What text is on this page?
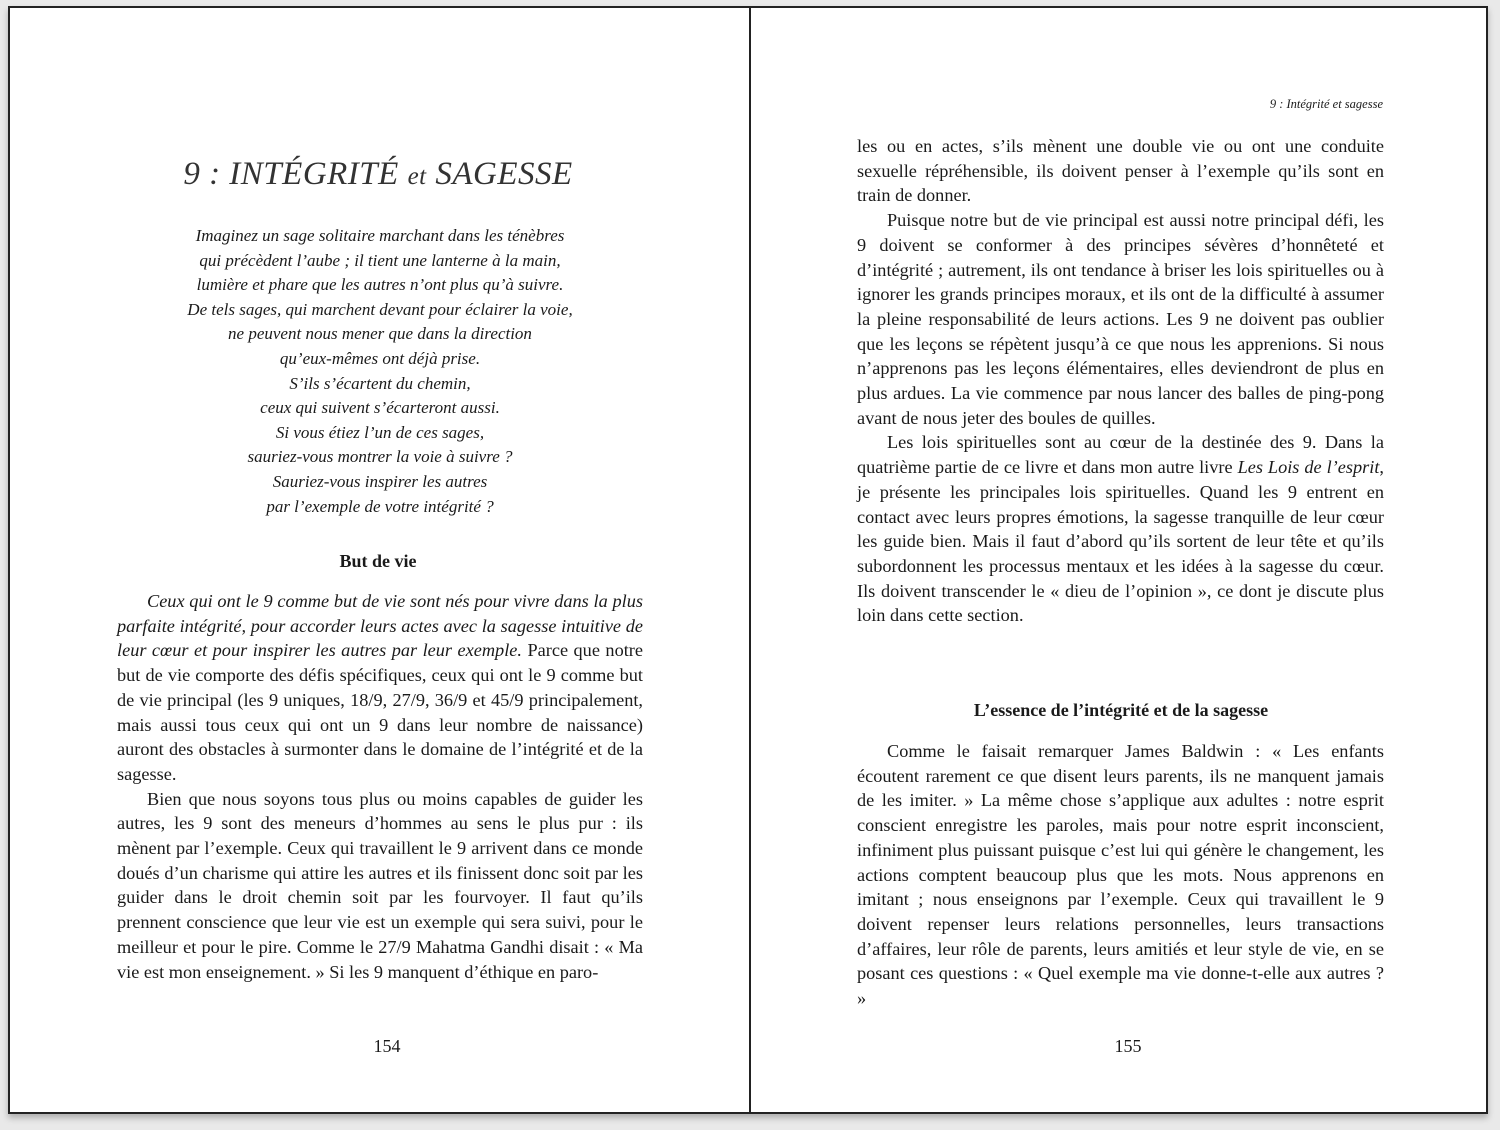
9 : INTÉGRITÉ et SAGESSE
Imaginez un sage solitaire marchant dans les ténèbres
qui précèdent l’aube ; il tient une lanterne à la main,
lumière et phare que les autres n’ont plus qu’à suivre.
De tels sages, qui marchent devant pour éclairer la voie,
ne peuvent nous mener que dans la direction
qu’eux-mêmes ont déjà prise.
S’ils s’écartent du chemin,
ceux qui suivent s’écarteront aussi.
Si vous étiez l’un de ces sages,
sauriez-vous montrer la voie à suivre ?
Sauriez-vous inspirer les autres
par l’exemple de votre intégrité ?
But de vie

Ceux qui ont le 9 comme but de vie sont nés pour vivre dans la plus parfaite intégrité, pour accorder leurs actes avec la sagesse intuitive de leur cœur et pour inspirer les autres par leur exemple. Parce que notre but de vie comporte des défis spécifiques, ceux qui ont le 9 comme but de vie principal (les 9 uniques, 18/9, 27/9, 36/9 et 45/9 principalement, mais aussi tous ceux qui ont un 9 dans leur nombre de naissance) auront des obstacles à surmonter dans le domaine de l’intégrité et de la sagesse.

Bien que nous soyons tous plus ou moins capables de guider les autres, les 9 sont des meneurs d’hommes au sens le plus pur : ils mènent par l’exemple. Ceux qui travaillent le 9 arrivent dans ce monde doués d’un charisme qui attire les autres et ils finissent donc soit par les guider dans le droit chemin soit par les fourvoyer. Il faut qu’ils prennent conscience que leur vie est un exemple qui sera suivi, pour le meilleur et pour le pire. Comme le 27/9 Mahatma Gandhi disait : « Ma vie est mon enseignement. » Si les 9 manquent d’éthique en paro-

154
9 : Intégrité et sagesse

les ou en actes, s’ils mènent une double vie ou ont une conduite sexuelle répréhensible, ils doivent penser à l’exemple qu’ils sont en train de donner.

Puisque notre but de vie principal est aussi notre principal défi, les 9 doivent se conformer à des principes sévères d’honnêteté et d’intégrité ; autrement, ils ont tendance à briser les lois spirituelles ou à ignorer les grands principes moraux, et ils ont de la difficulté à assumer la pleine responsabilité de leurs actions. Les 9 ne doivent pas oublier que les leçons se répètent jusqu’à ce que nous les apprenions. Si nous n’apprenons pas les leçons élémentaires, elles deviendront de plus en plus ardues. La vie commence par nous lancer des balles de ping-pong avant de nous jeter des boules de quilles.

Les lois spirituelles sont au cœur de la destinée des 9. Dans la quatrième partie de ce livre et dans mon autre livre Les Lois de l’esprit, je présente les principales lois spirituelles. Quand les 9 entrent en contact avec leurs propres émotions, la sagesse tranquille de leur cœur les guide bien. Mais il faut d’abord qu’ils sortent de leur tête et qu’ils subordonnent les processus mentaux et les idées à la sagesse du cœur. Ils doivent transcender le « dieu de l’opinion », ce dont je discute plus loin dans cette section.

L’essence de l’intégrité et de la sagesse

Comme le faisait remarquer James Baldwin : « Les enfants écoutent rarement ce que disent leurs parents, ils ne manquent jamais de les imiter. » La même chose s’applique aux adultes : notre esprit conscient enregistre les paroles, mais pour notre esprit inconscient, infiniment plus puissant puisque c’est lui qui génère le changement, les actions comptent beaucoup plus que les mots. Nous apprenons en imitant ; nous enseignons par l’exemple. Ceux qui travaillent le 9 doivent repenser leurs relations personnelles, leurs transactions d’affaires, leur rôle de parents, leurs amitiés et leur style de vie, en se posant ces questions : « Quel exemple ma vie donne-t-elle aux autres ? »

155
